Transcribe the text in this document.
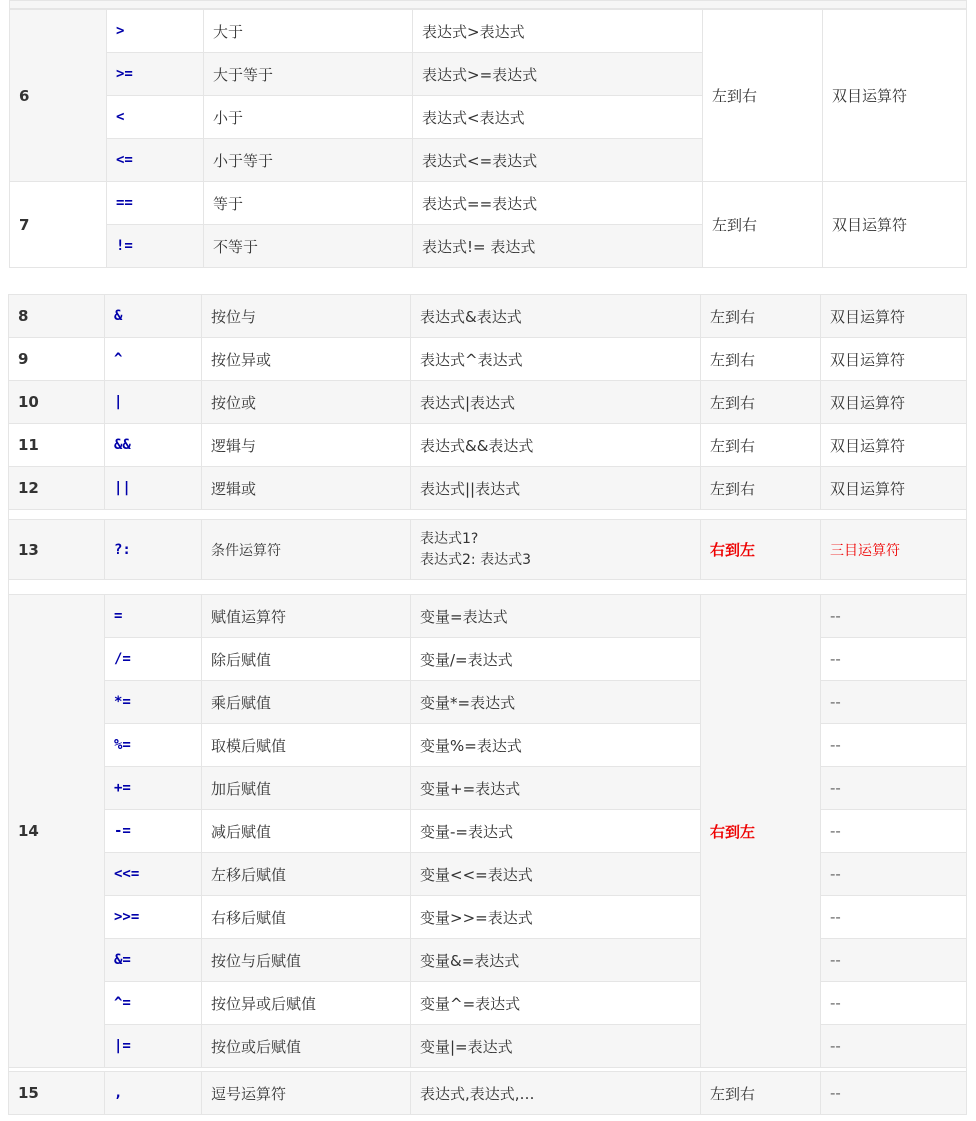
6	>	大于	表达式>表达式	左到右	双目运算符
	>=	大于等于	表达式>=表达式		
	<	小于	表达式<表达式		
	<=	小于等于	表达式<=表达式		
7	==	等于	表达式==表达式	左到右	双目运算符
	!=	不等于	表达式!= 表达式		
8	&	按位与	表达式&表达式	左到右	双目运算符
9	^	按位异或	表达式^表达式	左到右	双目运算符
10	|	按位或	表达式|表达式	左到右	双目运算符
11	&&	逻辑与	表达式&&表达式	左到右	双目运算符
12	||	逻辑或	表达式||表达式	左到右	双目运算符

13	?:	条件运算符	表达式1?
表达式2: 表达式3	右到左	三目运算符

14	=	赋值运算符	变量=表达式	右到左	--
	/=	除后赋值	变量/=表达式		--
	*=	乘后赋值	变量*=表达式		--
	%=	取模后赋值	变量%=表达式		--
	+=	加后赋值	变量+=表达式		--
	-=	减后赋值	变量-=表达式		--
	<<=	左移后赋值	变量<<=表达式		--
	>>=	右移后赋值	变量>>=表达式		--
	&=	按位与后赋值	变量&=表达式		--
	^=	按位异或后赋值	变量^=表达式		--
	|=	按位或后赋值	变量|=表达式		--

15	,	逗号运算符	表达式,表达式,…	左到右	--
